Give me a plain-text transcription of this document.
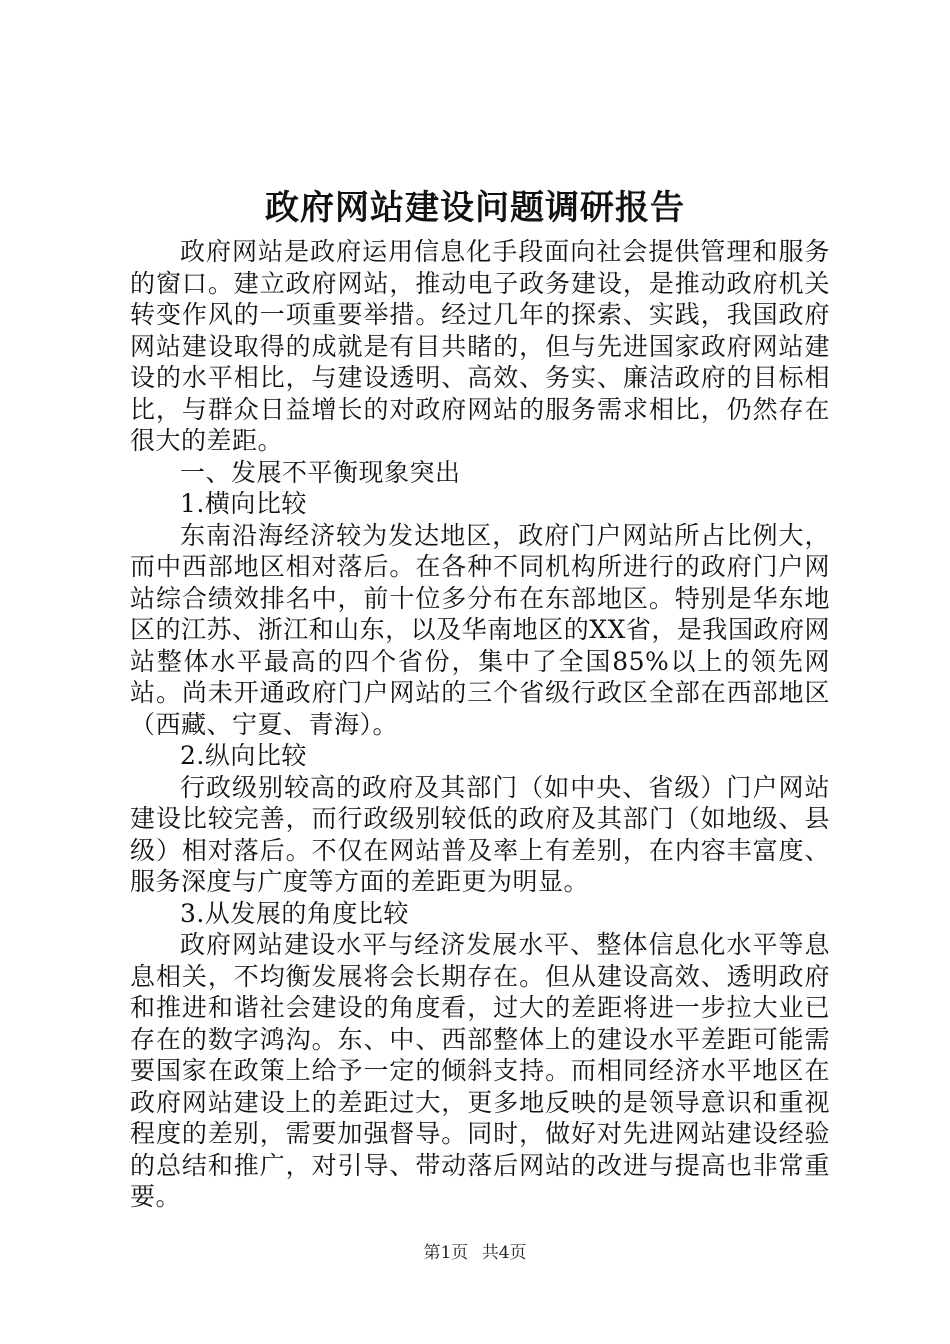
政府网站建设问题调研报告

政府网站是政府运用信息化手段面向社会提供管理和服务的窗口。建立政府网站，推动电子政务建设，是推动政府机关转变作风的一项重要举措。经过几年的探索、实践，我国政府网站建设取得的成就是有目共睹的，但与先进国家政府网站建设的水平相比，与建设透明、高效、务实、廉洁政府的目标相比，与群众日益增长的对政府网站的服务需求相比，仍然存在很大的差距。

一、发展不平衡现象突出

1.横向比较

东南沿海经济较为发达地区，政府门户网站所占比例大，而中西部地区相对落后。在各种不同机构所进行的政府门户网站综合绩效排名中，前十位多分布在东部地区。特别是华东地区的江苏、浙江和山东，以及华南地区的XX省，是我国政府网站整体水平最高的四个省份，集中了全国85%以上的领先网站。尚未开通政府门户网站的三个省级行政区全部在西部地区（西藏、宁夏、青海）。

2.纵向比较

行政级别较高的政府及其部门（如中央、省级）门户网站建设比较完善，而行政级别较低的政府及其部门（如地级、县级）相对落后。不仅在网站普及率上有差别，在内容丰富度、服务深度与广度等方面的差距更为明显。

3.从发展的角度比较

政府网站建设水平与经济发展水平、整体信息化水平等息息相关，不均衡发展将会长期存在。但从建设高效、透明政府和推进和谐社会建设的角度看，过大的差距将进一步拉大业已存在的数字鸿沟。东、中、西部整体上的建设水平差距可能需要国家在政策上给予一定的倾斜支持。而相同经济水平地区在政府网站建设上的差距过大，更多地反映的是领导意识和重视程度的差别，需要加强督导。同时，做好对先进网站建设经验的总结和推广，对引导、带动落后网站的改进与提高也非常重要。

第1页 共4页
